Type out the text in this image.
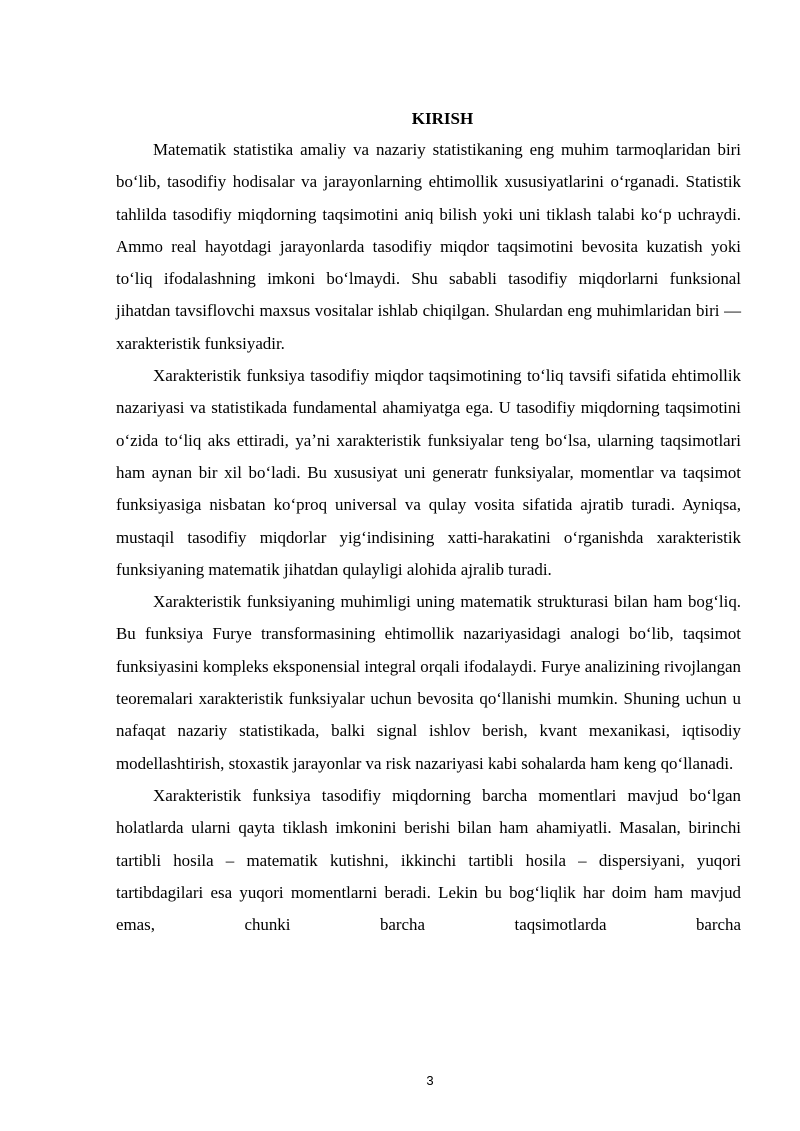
KIRISH

Matematik statistika amaliy va nazariy statistikaning eng muhim tarmoqlaridan biri boʻlib, tasodifiy hodisalar va jarayonlarning ehtimollik xususiyatlarini oʻrganadi. Statistik tahlilda tasodifiy miqdorning taqsimotini aniq bilish yoki uni tiklash talabi koʻp uchraydi. Ammo real hayotdagi jarayonlarda tasodifiy miqdor taqsimotini bevosita kuzatish yoki toʻliq ifodalashning imkoni boʻlmaydi. Shu sababli tasodifiy miqdorlarni funksional jihatdan tavsiflovchi maxsus vositalar ishlab chiqilgan. Shulardan eng muhimlaridan biri — xarakteristik funksiyadir.

Xarakteristik funksiya tasodifiy miqdor taqsimotining toʻliq tavsifi sifatida ehtimollik nazariyasi va statistikada fundamental ahamiyatga ega. U tasodifiy miqdorning taqsimotini oʻzida toʻliq aks ettiradi, yaʼni xarakteristik funksiyalar teng boʻlsa, ularning taqsimotlari ham aynan bir xil boʻladi. Bu xususiyat uni generatr funksiyalar, momentlar va taqsimot funksiyasiga nisbatan koʻproq universal va qulay vosita sifatida ajratib turadi. Ayniqsa, mustaqil tasodifiy miqdorlar yigʻindisining xatti-harakatini oʻrganishda xarakteristik funksiyaning matematik jihatdan qulayligi alohida ajralib turadi.

Xarakteristik funksiyaning muhimligi uning matematik strukturasi bilan ham bogʻliq. Bu funksiya Furye transformasining ehtimollik nazariyasidagi analogi boʻlib, taqsimot funksiyasini kompleks eksponensial integral orqali ifodalaydi. Furye analizining rivojlangan teoremalari xarakteristik funksiyalar uchun bevosita qoʻllanishi mumkin. Shuning uchun u nafaqat nazariy statistikada, balki signal ishlov berish, kvant mexanikasi, iqtisodiy modellashtirish, stoxastik jarayonlar va risk nazariyasi kabi sohalarda ham keng qoʻllanadi.

Xarakteristik funksiya tasodifiy miqdorning barcha momentlari mavjud boʻlgan holatlarda ularni qayta tiklash imkonini berishi bilan ham ahamiyatli. Masalan, birinchi tartibli hosila – matematik kutishni, ikkinchi tartibli hosila – dispersiyani, yuqori tartibdagilari esa yuqori momentlarni beradi. Lekin bu bogʻliqlik har doim ham mavjud emas, chunki barcha taqsimotlarda barcha

3
